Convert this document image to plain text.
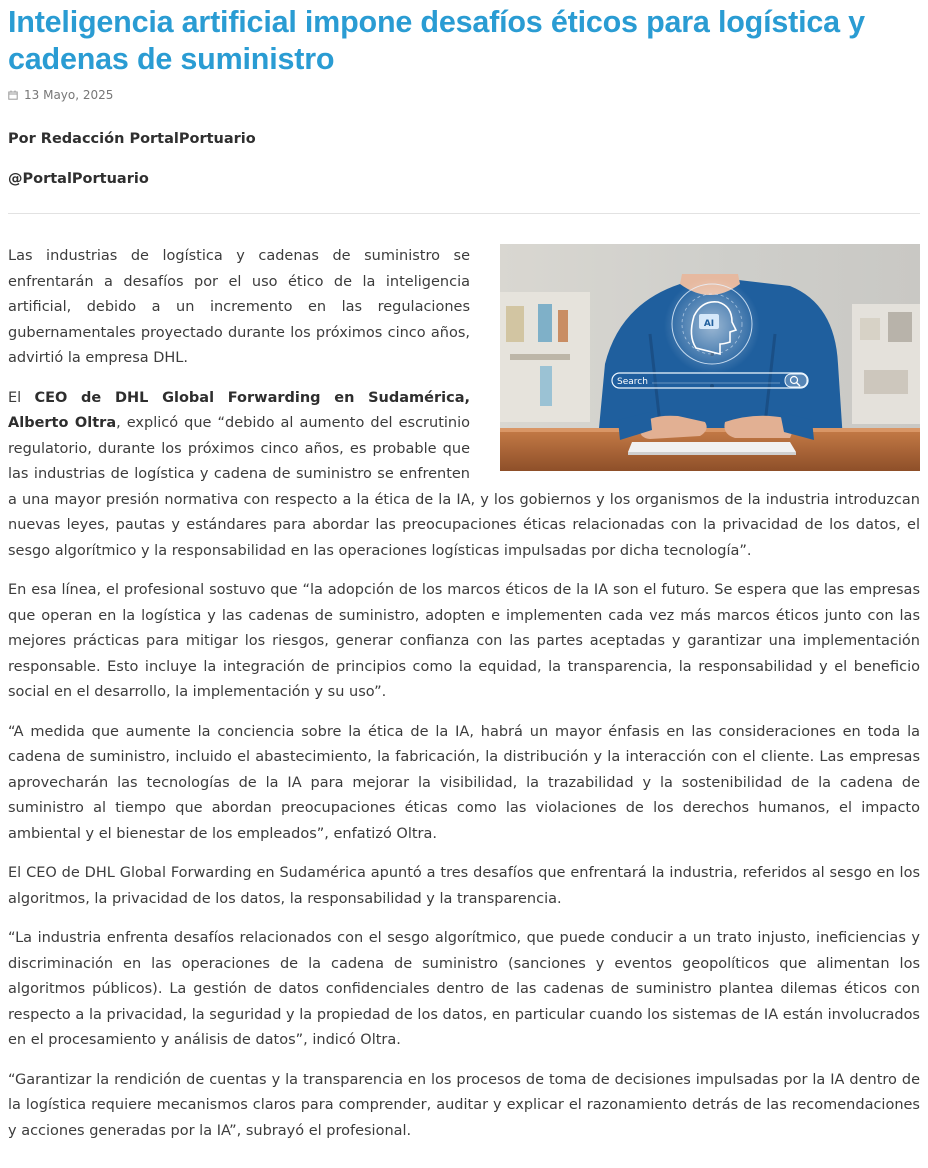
Inteligencia artificial impone desafíos éticos para logística y cadenas de suministro
13 Mayo, 2025
Por Redacción PortalPortuario
@PortalPortuario
AI
Search

Las industrias de logística y cadenas de suministro se enfrentarán a desafíos por el uso ético de la inteligencia artificial, debido a un incremento en las regulaciones gubernamentales proyectado durante los próximos cinco años, advirtió la empresa DHL.

El CEO de DHL Global Forwarding en Sudamérica, Alberto Oltra, explicó que “debido al aumento del escrutinio regulatorio, durante los próximos cinco años, es probable que las industrias de logística y cadena de suministro se enfrenten a una mayor presión normativa con respecto a la ética de la IA, y los gobiernos y los organismos de la industria introduzcan nuevas leyes, pautas y estándares para abordar las preocupaciones éticas relacionadas con la privacidad de los datos, el sesgo algorítmico y la responsabilidad en las operaciones logísticas impulsadas por dicha tecnología”.

En esa línea, el profesional sostuvo que “la adopción de los marcos éticos de la IA son el futuro. Se espera que las empresas que operan en la logística y las cadenas de suministro, adopten e implementen cada vez más marcos éticos junto con las mejores prácticas para mitigar los riesgos, generar confianza con las partes aceptadas y garantizar una implementación responsable. Esto incluye la integración de principios como la equidad, la transparencia, la responsabilidad y el beneficio social en el desarrollo, la implementación y su uso”.

“A medida que aumente la conciencia sobre la ética de la IA, habrá un mayor énfasis en las consideraciones en toda la cadena de suministro, incluido el abastecimiento, la fabricación, la distribución y la interacción con el cliente. Las empresas aprovecharán las tecnologías de la IA para mejorar la visibilidad, la trazabilidad y la sostenibilidad de la cadena de suministro al tiempo que abordan preocupaciones éticas como las violaciones de los derechos humanos, el impacto ambiental y el bienestar de los empleados”, enfatizó Oltra.

El CEO de DHL Global Forwarding en Sudamérica apuntó a tres desafíos que enfrentará la industria, referidos al sesgo en los algoritmos, la privacidad de los datos, la responsabilidad y la transparencia.

“La industria enfrenta desafíos relacionados con el sesgo algorítmico, que puede conducir a un trato injusto, ineficiencias y discriminación en las operaciones de la cadena de suministro (sanciones y eventos geopolíticos que alimentan los algoritmos públicos). La gestión de datos confidenciales dentro de las cadenas de suministro plantea dilemas éticos con respecto a la privacidad, la seguridad y la propiedad de los datos, en particular cuando los sistemas de IA están involucrados en el procesamiento y análisis de datos”, indicó Oltra.

“Garantizar la rendición de cuentas y la transparencia en los procesos de toma de decisiones impulsadas por la IA dentro de la logística requiere mecanismos claros para comprender, auditar y explicar el razonamiento detrás de las recomendaciones y acciones generadas por la IA”, subrayó el profesional.
